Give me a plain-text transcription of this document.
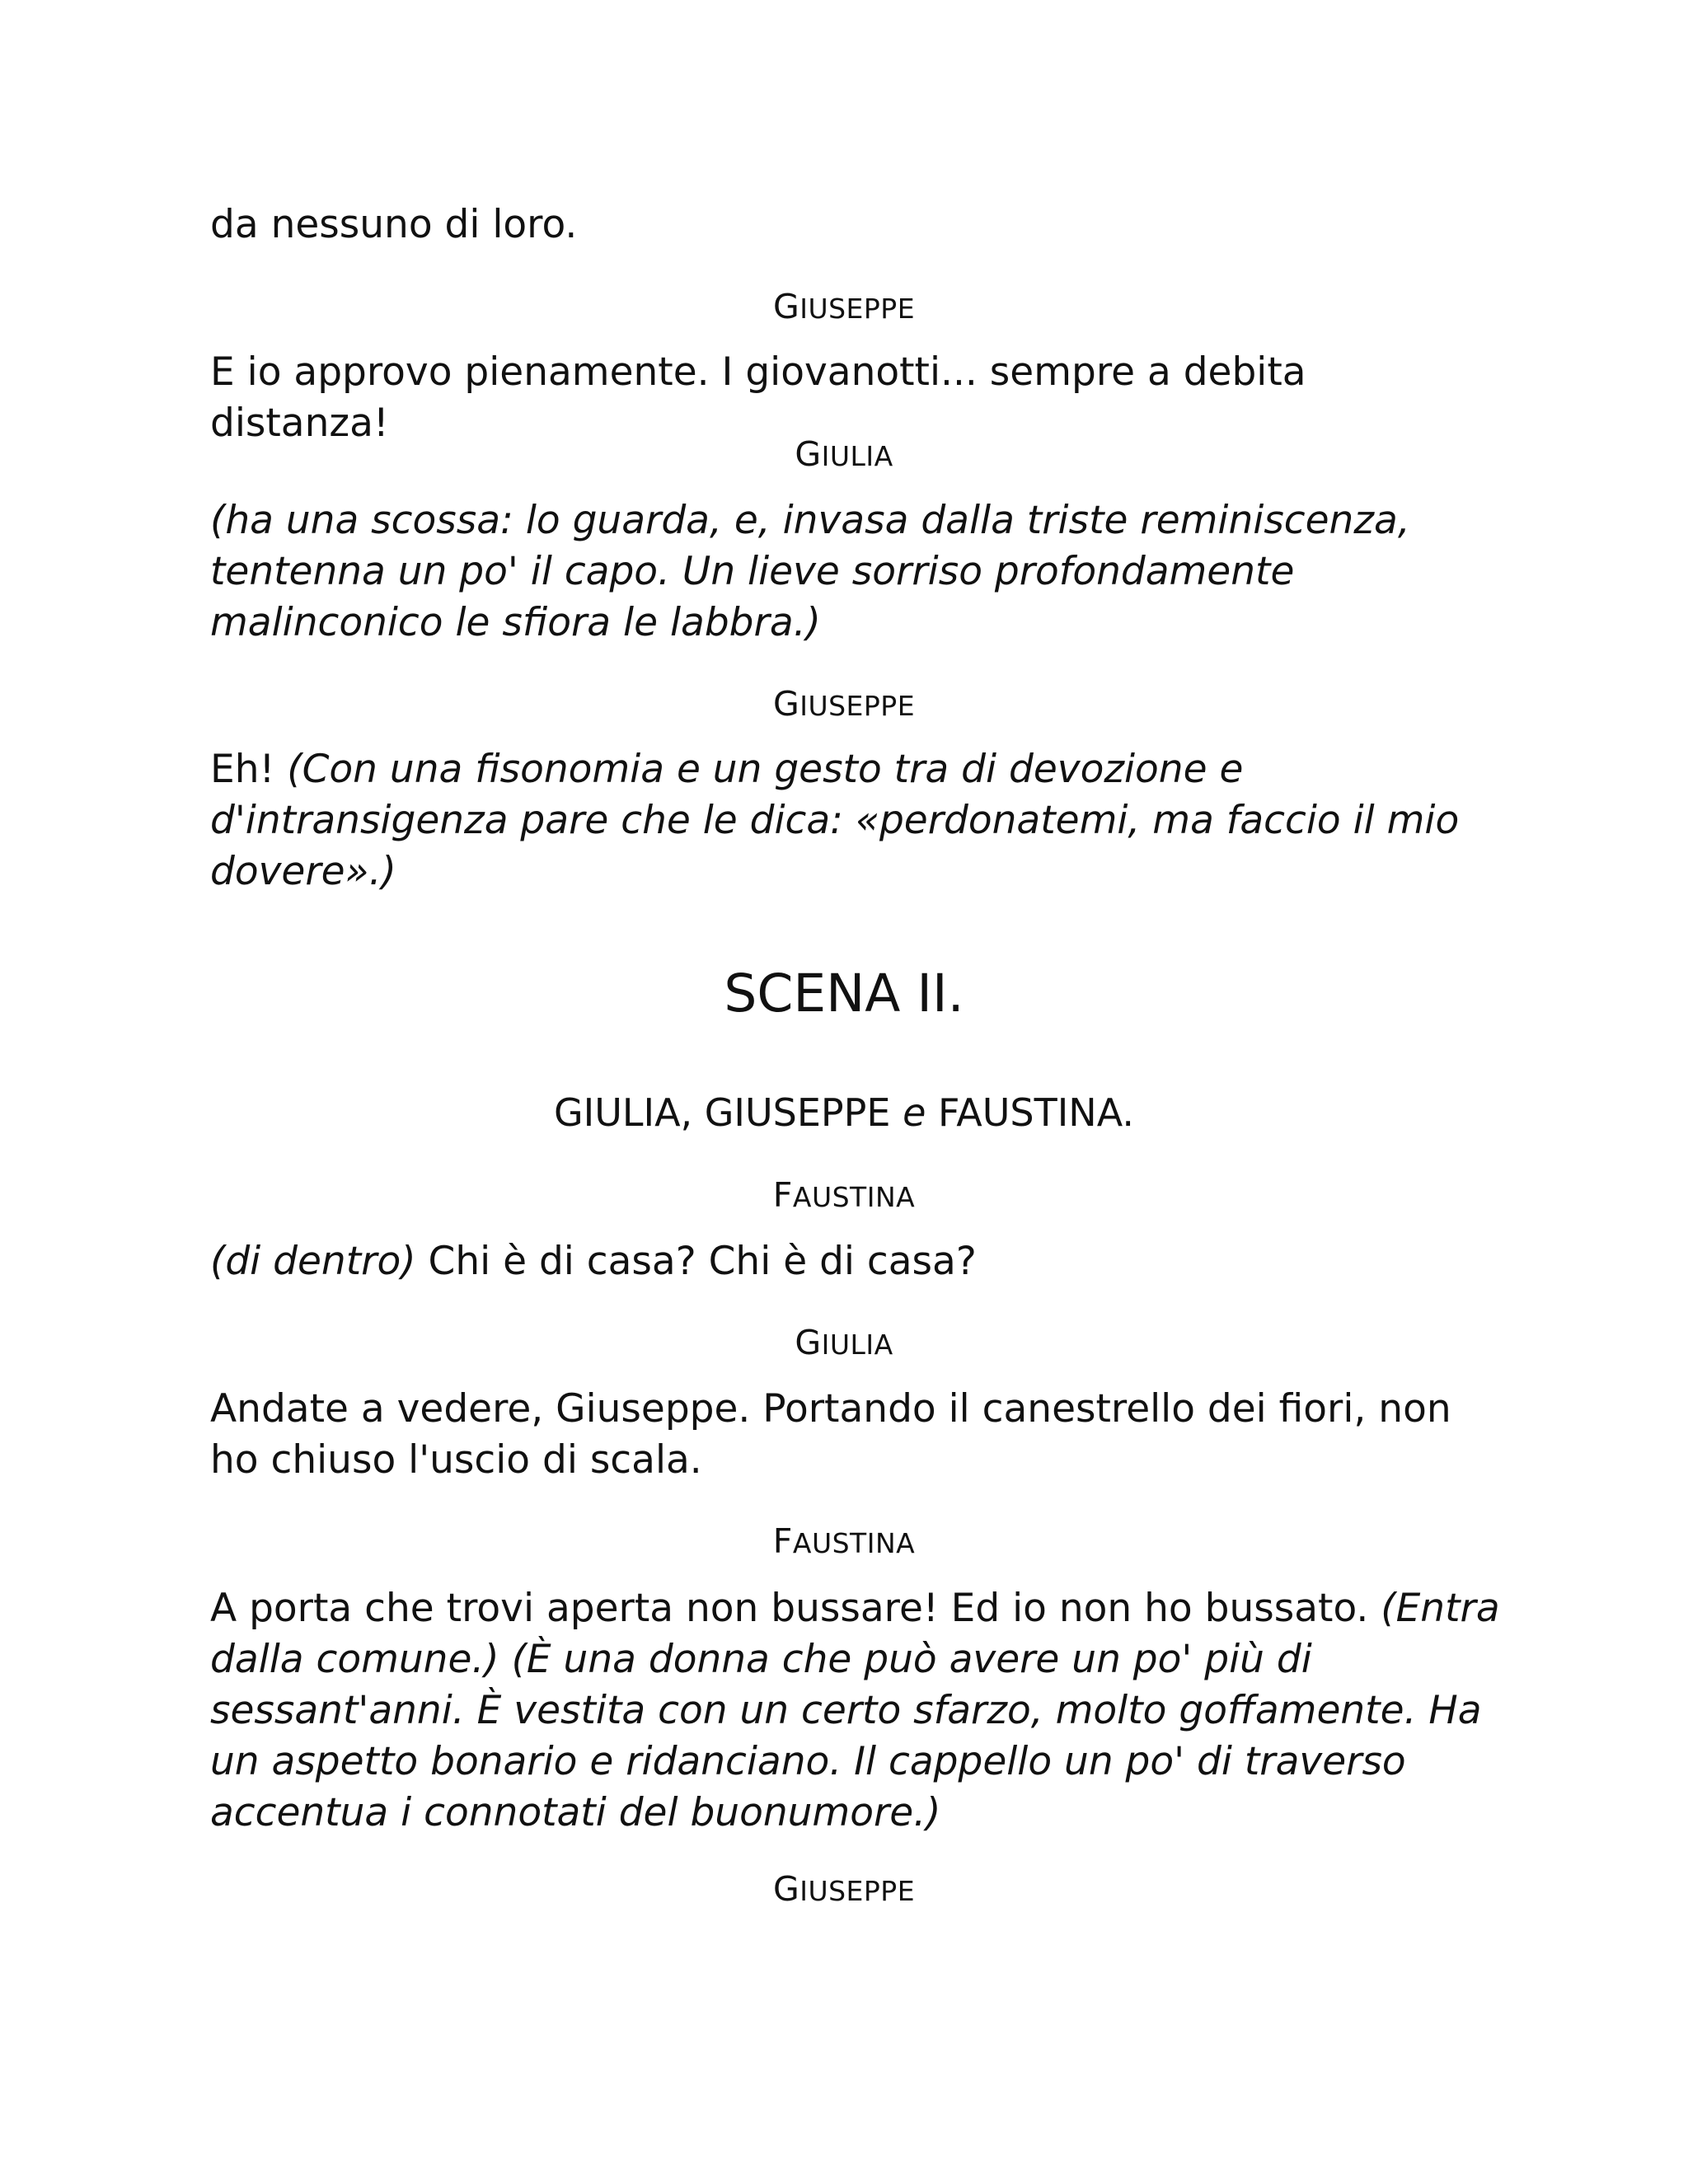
da nessuno di loro.

GIUSEPPE

E io approvo pienamente. I giovanotti... sempre a debita distanza!

GIULIA

(ha una scossa: lo guarda, e, invasa dalla triste reminiscenza, tentenna un po' il capo. Un lieve sorriso profondamente malinconico le sfiora le labbra.)

GIUSEPPE

Eh! (Con una fisonomia e un gesto tra di devozione e d'intransigenza pare che le dica: «perdonatemi, ma faccio il mio dovere».)

SCENA II.

GIULIA, GIUSEPPE e FAUSTINA.

FAUSTINA

(di dentro) Chi è di casa? Chi è di casa?

GIULIA

Andate a vedere, Giuseppe. Portando il canestrello dei fiori, non ho chiuso l'uscio di scala.

FAUSTINA

A porta che trovi aperta non bussare! Ed io non ho bussato. (Entra dalla comune.) (È una donna che può avere un po' più di sessant'anni. È vestita con un certo sfarzo, molto goffamente. Ha un aspetto bonario e ridanciano. Il cappello un po' di traverso accentua i connotati del buonumore.)

GIUSEPPE
